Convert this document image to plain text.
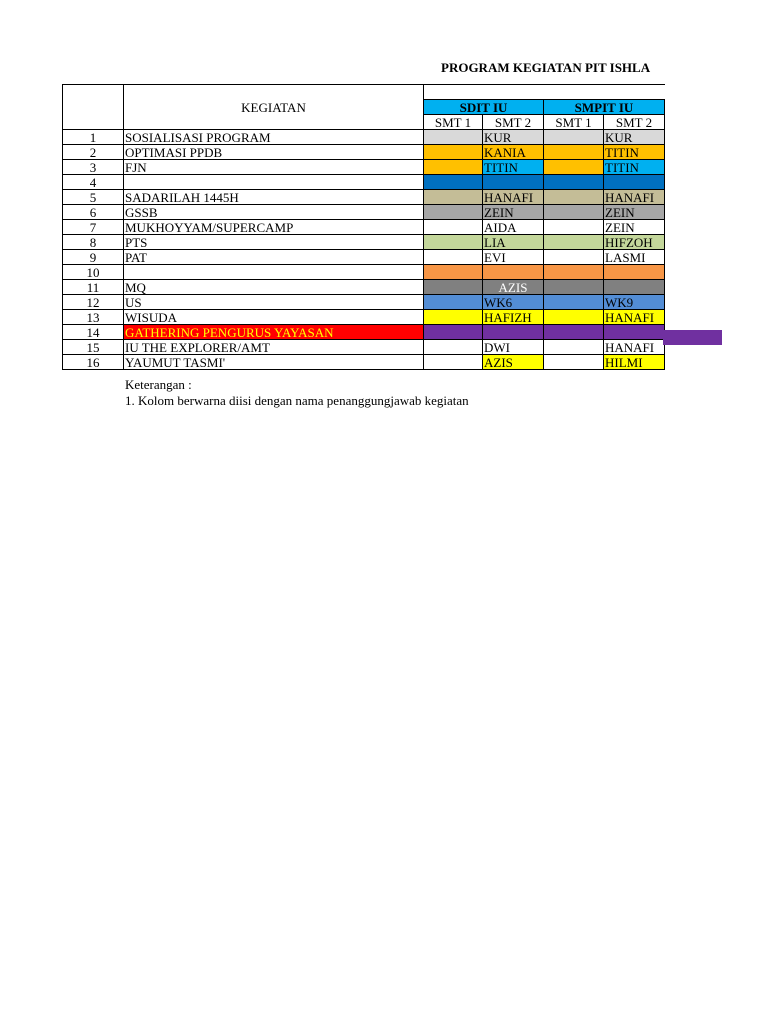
PROGRAM KEGIATAN PIT ISHLA
	KEGIATAN				
		SDIT IU		SMPIT IU	
		SMT 1	SMT 2	SMT 1	SMT 2
1	SOSIALISASI PROGRAM		KUR		KUR
2	OPTIMASI PPDB		KANIA		TITIN
3	FJN		TITIN		TITIN
4					
5	SADARILAH 1445H		HANAFI		HANAFI
6	GSSB		ZEIN		ZEIN
7	MUKHOYYAM/SUPERCAMP		AIDA		ZEIN
8	PTS		LIA		HIFZOH
9	PAT		EVI		LASMI
10					
11	MQ		AZIS		
12	US		WK6		WK9
13	WISUDA		HAFIZH		HANAFI
14	GATHERING PENGURUS YAYASAN				
15	IU THE EXPLORER/AMT		DWI		HANAFI
16	YAUMUT TASMI'		AZIS		HILMI
Keterangan :
1. Kolom berwarna diisi dengan nama penanggungjawab kegiatan
